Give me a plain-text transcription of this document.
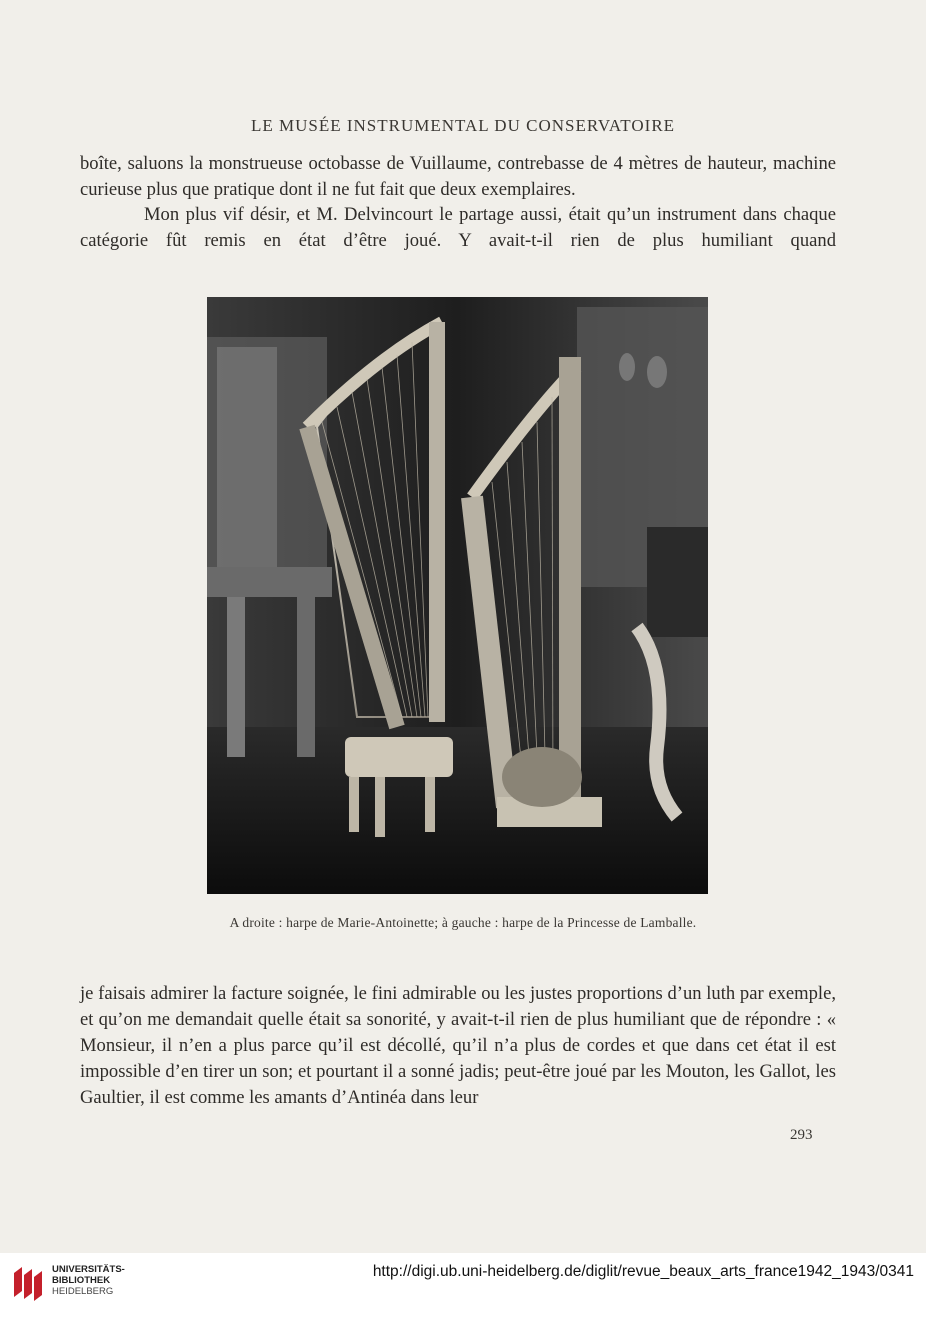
LE MUSÉE INSTRUMENTAL DU CONSERVATOIRE
boîte, saluons la monstrueuse octobasse de Vuillaume, contrebasse de 4 mètres de hauteur, machine curieuse plus que pratique dont il ne fut fait que deux exemplaires.
Mon plus vif désir, et M. Delvincourt le partage aussi, était qu’un instrument dans chaque catégorie fût remis en état d’être joué. Y avait-t-il rien de plus humiliant quand
A droite : harpe de Marie-Antoinette; à gauche : harpe de la Princesse de Lamballe.
je faisais admirer la facture soignée, le fini admirable ou les justes proportions d’un luth par exemple, et qu’on me demandait quelle était sa sonorité, y avait-t-il rien de plus humiliant que de répondre : « Monsieur, il n’en a plus parce qu’il est décollé, qu’il n’a plus de cordes et que dans cet état il est impossible d’en tirer un son; et pourtant il a sonné jadis; peut-être joué par les Mouton, les Gallot, les Gaultier, il est comme les amants d’Antinéa dans leur
293
UNIVERSITÄTS-
BIBLIOTHEK
HEIDELBERG
http://digi.ub.uni-heidelberg.de/diglit/revue_beaux_arts_france1942_1943/0341
